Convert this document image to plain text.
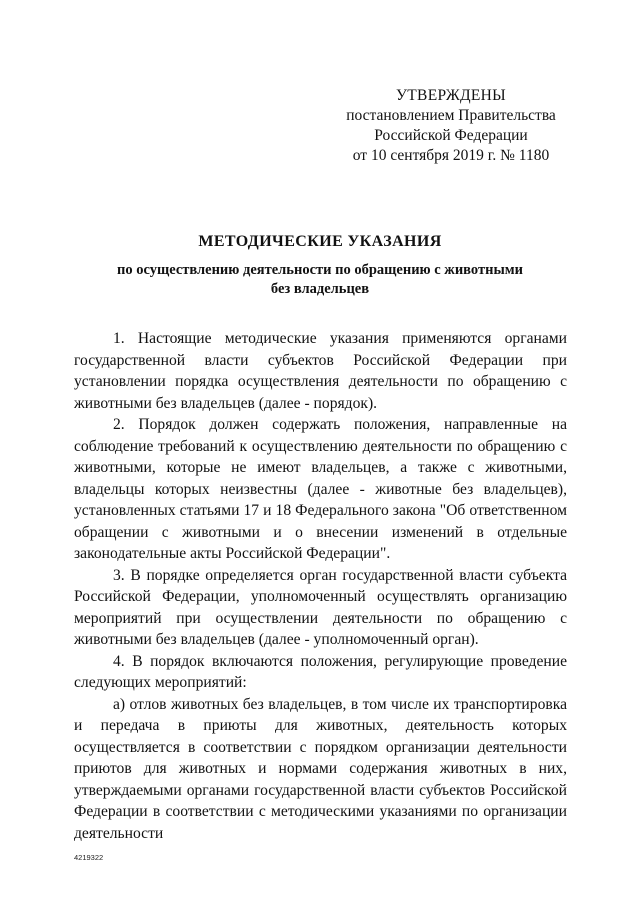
УТВЕРЖДЕНЫ
постановлением Правительства
Российской Федерации
от 10 сентября 2019 г. № 1180
МЕТОДИЧЕСКИЕ УКАЗАНИЯ
по осуществлению деятельности по обращению с животными
без владельцев

1. Настоящие методические указания применяются органами государственной власти субъектов Российской Федерации при установлении порядка осуществления деятельности по обращению с животными без владельцев (далее - порядок).

2. Порядок должен содержать положения, направленные на соблюдение требований к осуществлению деятельности по обращению с животными, которые не имеют владельцев, а также с животными, владельцы которых неизвестны (далее - животные без владельцев), установленных статьями 17 и 18 Федерального закона "Об ответственном обращении с животными и о внесении изменений в отдельные законодательные акты Российской Федерации".

3. В порядке определяется орган государственной власти субъекта Российской Федерации, уполномоченный осуществлять организацию мероприятий при осуществлении деятельности по обращению с животными без владельцев (далее - уполномоченный орган).

4. В порядок включаются положения, регулирующие проведение следующих мероприятий:

а) отлов животных без владельцев, в том числе их транспортировка и передача в приюты для животных, деятельность которых осуществляется в соответствии с порядком организации деятельности приютов для животных и нормами содержания животных в них, утверждаемыми органами государственной власти субъектов Российской Федерации в соответствии с методическими указаниями по организации деятельности

4219322
